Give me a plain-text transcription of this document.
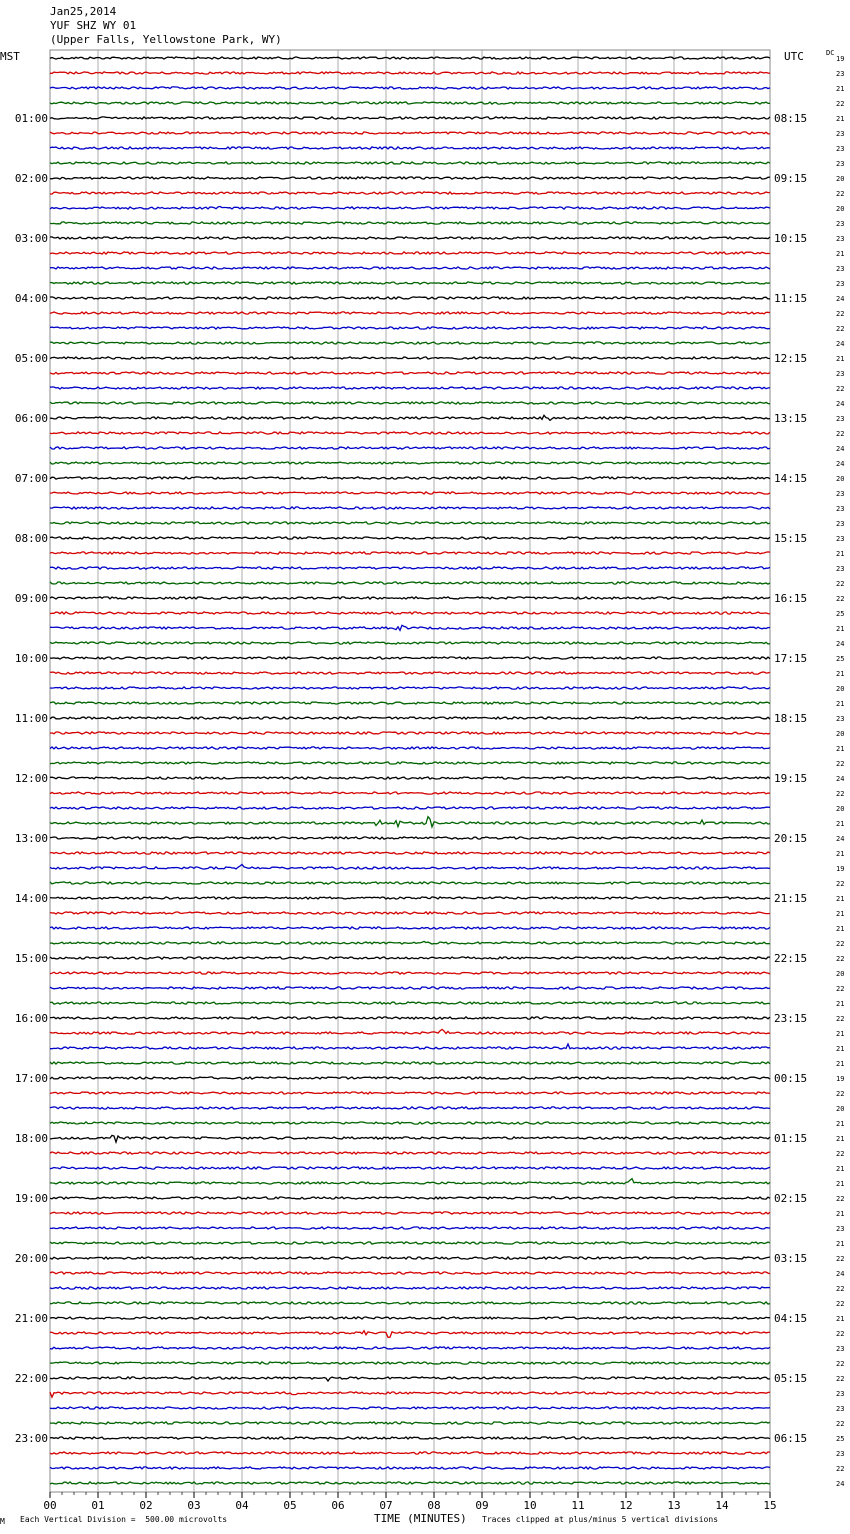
19
23
21
22
21
23
23
23
20
22
20
23
23
21
23
23
24
22
22
24
21
23
22
24
23
22
24
24
20
23
23
23
23
21
23
22
22
25
21
24
25
21
20
21
23
20
21
22
24
22
20
21
24
21
19
22
21
21
21
22
22
20
22
21
22
21
21
21
19
22
20
21
21
22
21
21
22
21
23
21
22
24
22
22
21
22
23
22
22
23
23
22
25
23
22
24
01:00	08:15
02:00	09:15
03:00	10:15
04:00	11:15
05:00	12:15
06:00	13:15
07:00	14:15
08:00	15:15
09:00	16:15
10:00	17:15
11:00	18:15
12:00	19:15
13:00	20:15
14:00	21:15
15:00	22:15
16:00	23:15
17:00	00:15
18:00	01:15
19:00	02:15
20:00	03:15
21:00	04:15
22:00	05:15
23:00	06:15
00	01	02	03	04	05	06	07	08	09	10	11	12	13	14	15
Jan25,2014
YUF SHZ WY 01
(Upper Falls, Yellowstone Park, WY)
MST	UTC	DC
M Each Vertical Division =  500.00 microvolts	TIME (MINUTES) Traces clipped at plus/minus 5 vertical divisions
